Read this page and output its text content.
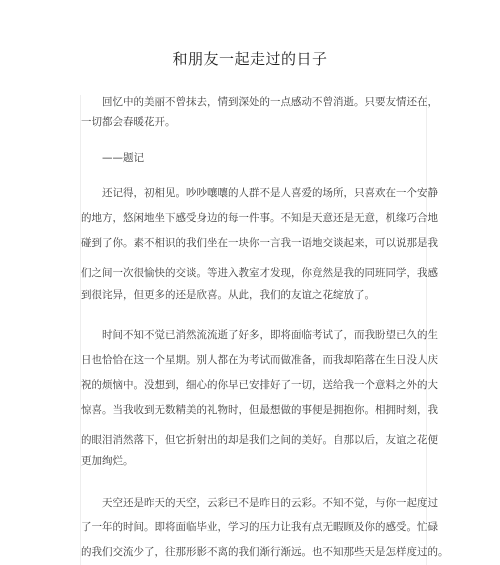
和朋友一起走过的日子
　　回忆中的美丽不曾抹去，情到深处的一点感动不曾消逝。只要友情还在，
一切都会春暖花开。
　　——题记
　　还记得，初相见。吵吵嚷嚷的人群不是人喜爱的场所，只喜欢在一个安静
的地方，悠闲地坐下感受身边的每一件事。不知是天意还是无意，机缘巧合地
碰到了你。素不相识的我们坐在一块你一言我一语地交谈起来，可以说那是我
们之间一次很愉快的交谈。等进入教室才发现，你竟然是我的同班同学，我感
到很诧异，但更多的还是欣喜。从此，我们的友谊之花绽放了。
　　时间不知不觉已消然流流逝了好多，即将面临考试了，而我盼望已久的生
日也恰恰在这一个星期。别人都在为考试而做准备，而我却陷落在生日没人庆
祝的烦恼中。没想到，细心的你早已安排好了一切，送给我一个意料之外的大
惊喜。当我收到无数精美的礼物时，但最想做的事便是拥抱你。相拥时刻，我
的眼泪消然落下，但它折射出的却是我们之间的美好。自那以后，友谊之花便
更加绚烂。
　　天空还是昨天的天空，云彩已不是昨日的云彩。不知不觉，与你一起度过
了一年的时间。即将面临毕业，学习的压力让我有点无暇顾及你的感受。忙碌
的我们交流少了，往那形影不离的我们渐行渐远。也不知那些天是怎样度过的。
